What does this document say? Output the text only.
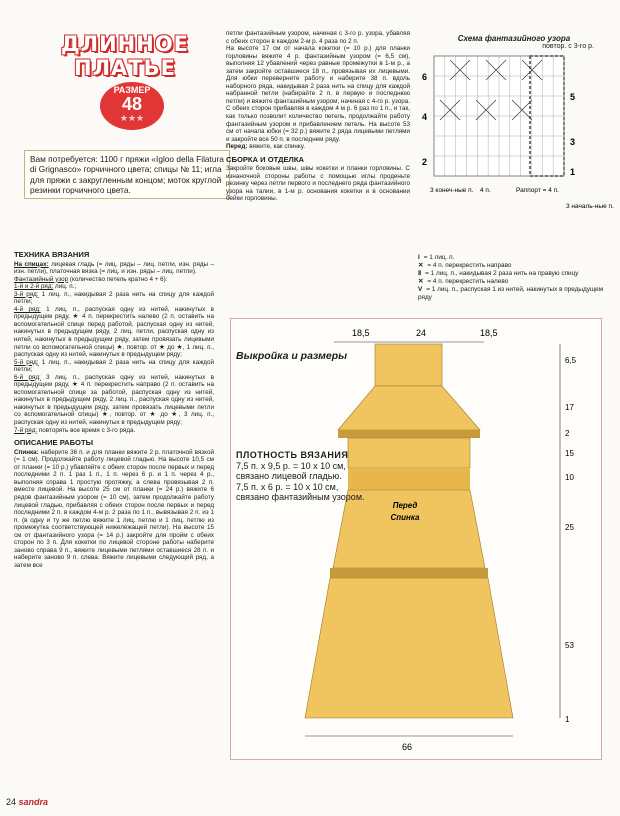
ДЛИННОЕ
ПЛАТЬЕ
РАЗМЕР
48
★★★
Вам потребуется: 1100 г пряжи «Igloo della Filatura di Grignasco» горчичного цвета; спицы № 11; игла для пряжи с закругленным концом; моток круглой резинки горчичного цвета.
ТЕХНИКА ВЯЗАНИЯ

На спицах: лицевая гладь (= лиц. ряды – лиц. петли, изн. ряды – изн. петли), платочная вязка (= лиц. и изн. ряды – лиц. петли).

Фантазийный узор (количество петель кратно 4 + 6):

1-й и 2-й ряд: лиц. п.;

3-й ряд: 1 лиц. п., накидывая 2 раза нить на спицу для каждой петли;

4-й ряд: 1 лиц. п., распуская одну из нитей, накинутых в предыдущем ряду, ★ 4 п. перекрестить налево (2 п. оставить на вспомогательной спице перед работой, распуская одну из нитей, накинутых в предыдущем ряду, 2 лиц. петли, распуская одну из нитей, накинутых в предыдущем ряду, затем провязать лицевыми петли со вспомогательной спицы) ★, повтор. от ★ до ★, 1 лиц. п., распуская одну из нитей, накинутых в предыдущем ряду;

5-й ряд: 1 лиц. п., накидывая 2 раза нить на спицу для каждой петли;

6-й ряд: 3 лиц. п., распуская одну из нитей, накинутых в предыдущем ряду, ★ 4 п. перекрестить направо (2 п. оставить на вспомогательной спице за работой, распуская одну из нитей, накинутых в предыдущем ряду, 2 лиц. п., распуская одну из нитей, накинутых в предыдущем ряду, затем провязать лицевыми петли со вспомогательной спицы) ★, повтор. от ★ до ★, 3 лиц. п., распуская одну из нитей, накинутых в предыдущем ряду;

7-й ряд: повторять все время с 3-го ряда.

ОПИСАНИЕ РАБОТЫ

Спинка: наберите 36 п. и для планки вяжите 2 р. платочной вязкой (= 1 см). Продолжайте работу лицевой гладью. На высоте 10,5 см от планки (= 10 р.) убавляйте с обеих сторон после первых и перед последними 2 п. 1 раз 1 п., 1 п. через 6 р. и 1 п. через 4 р., выполняя справа 1 простую протяжку, а слева провязывая 2 п. вместе лицевой. На высоте 25 см от планки (= 24 р.) вяжите 6 рядов фантазийным узором (= 10 см), затем продолжайте работу лицевой гладью, прибавляя с обеих сторон после первых и перед последними 2 п. в каждом 4-м р. 2 раза по 1 п., вывязывая 2 п. из 1 п. (в одну и ту же петлю вяжите 1 лиц. петлю и 1 лиц. петлю из промежутка соответствующей нижележащей петли). На высоте 15 см от фантазийного узора (= 14 р.) закройте для пройм с обеих сторон по 3 п. Для кокетки по лицевой стороне работы наберите заново справа 9 п., вяжите лицевыми петлями оставшиеся 28 п. и наберите заново 9 п. слева. Вяжите лицевыми следующий ряд, а затем все

петли фантазийным узором, начиная с 3-го р. узора, убавляя с обеих сторон в каждом 2-м р. 4 раза по 2 п.

На высоте 17 см от начала кокетки (= 10 р.) для планки горловины вяжите 4 р. фантазийным узором (= 6,5 см), выполняя 12 убавлений через равные промежутки в 1-м р., а затем закройте оставшиеся 18 п., провязывая их лицевыми. Для юбки переверните работу и наберите 38 п. вдоль наборного ряда, накидывая 2 раза нить на спицу для каждой набранной петли (набирайте 2 п. в первую и последнюю петли) и вяжите фантазийным узором, начиная с 4-го р. узора. С обеих сторон прибавляя в каждом 4 м р. 6 раз по 1 п., и так, как только позволит количество петель, продолжайте работу фантазийным узором и прибавлением петель. На высоте 53 см от начала юбки (= 32 р.) вяжите 2 ряда лицевыми петлями и закройте все 50 п. в последнем ряду.

Перед: вяжите, как спинку.

СБОРКА И ОТДЕЛКА

Закройте боковые швы, швы кокетки и планки горловины. С изнаночной стороны работы с помощью иглы проденьте резинку через петли первого и последнего ряда фантазийного узора на талии, в 1-м р. основания кокетки и в основании бейки горловины.

Схема фантазийного узора
повтор. с 3-го р.
6
5
4
3
2
1
3 конеч-ные п. 4 п.	Раппорт = 4 п.
3 началь-ные п.
I = 1 лиц. п.
✕ = 4 п. перекрестить направо
Ⅱ = 1 лиц. п., накидывая 2 раза нить на правую спицу
✕ = 4 п. перекрестить налево
V = 1 лиц. п., распуская 1 из нитей, накинутых в предыдущем ряду
18,5	24	18,5
Перед
Спинка
6,5
17
2
15
10
25
53
1
66
Выкройка и размеры
ПЛОТНОСТЬ ВЯЗАНИЯ
7,5 п. х 9,5 р. = 10 х 10 см, связано лицевой гладью.
7,5 п. х 6 р. = 10 х 10 см, связано фантазийным узором.
24 sandra
